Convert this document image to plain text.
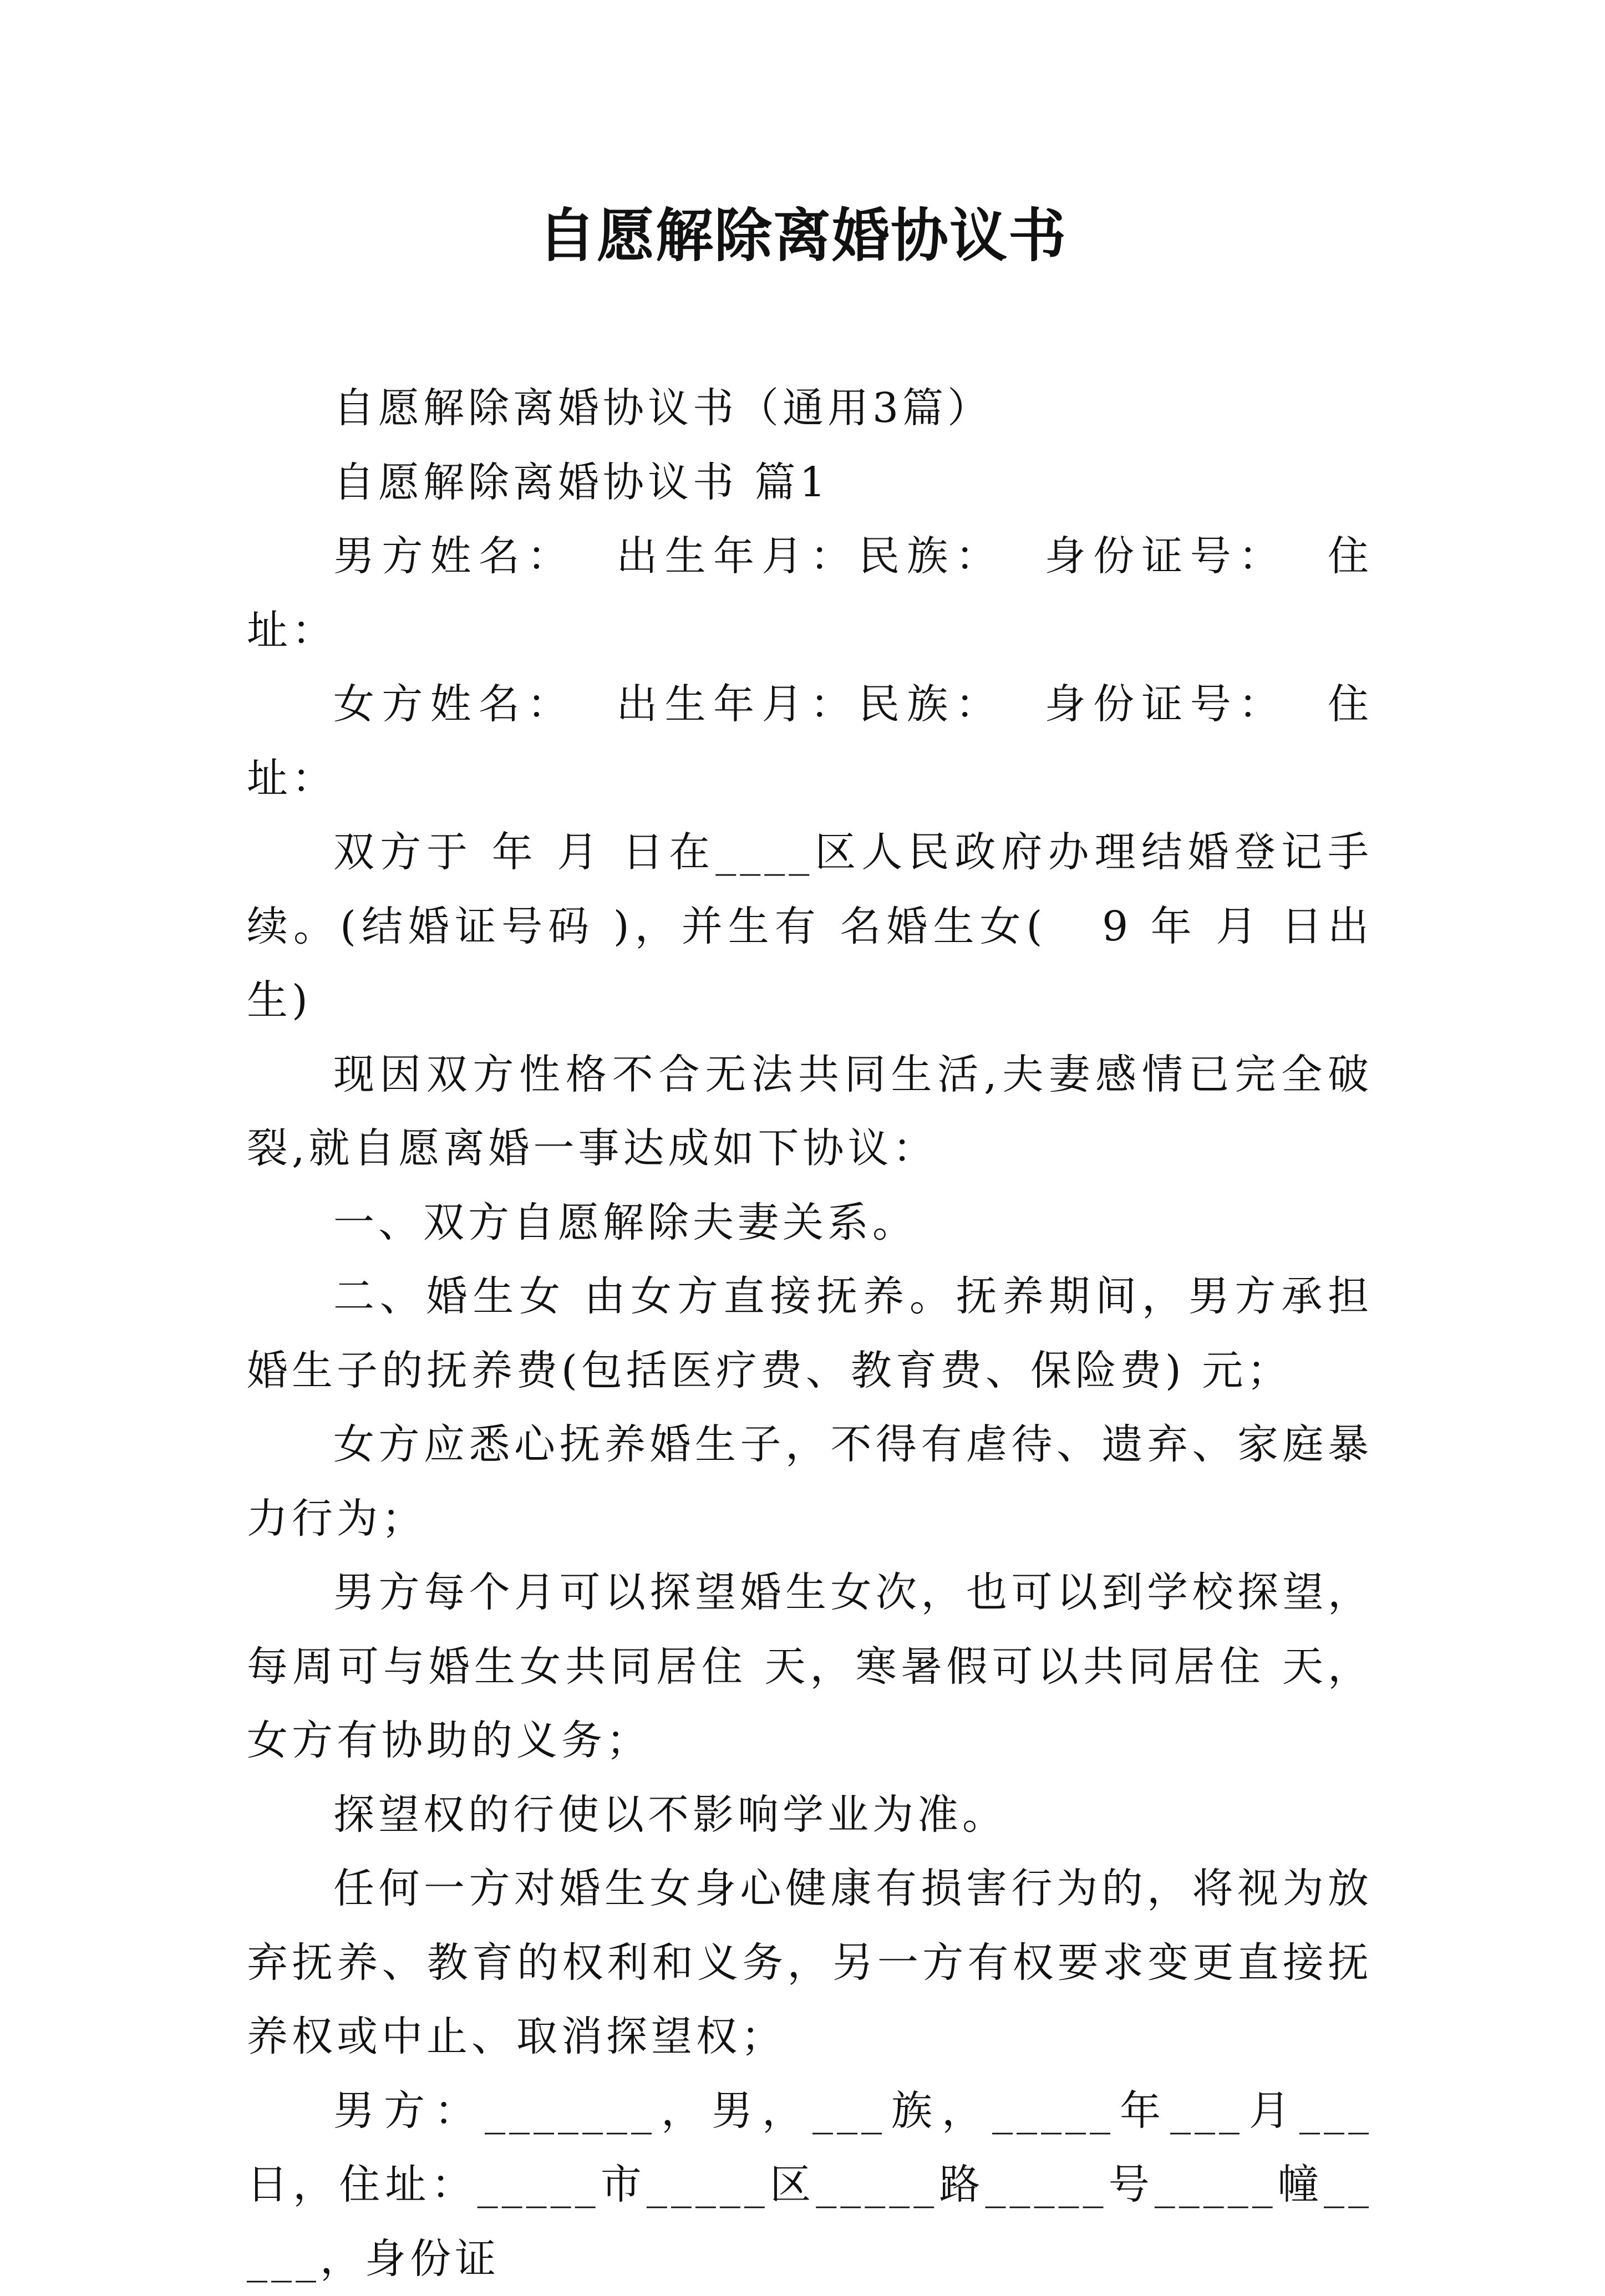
自愿解除离婚协议书

自愿解除离婚协议书（通用3篇）

自愿解除离婚协议书 篇1

男方姓名：  出生年月：民族：  身份证号：  住址：

女方姓名：  出生年月：民族：  身份证号：  住址：

双方于 年 月 日在____区人民政府办理结婚登记手续。(结婚证号码 )，并生有 名婚生女(   9 年 月 日出生)

现因双方性格不合无法共同生活,夫妻感情已完全破裂,就自愿离婚一事达成如下协议：

一、双方自愿解除夫妻关系。

二、婚生女 由女方直接抚养。抚养期间，男方承担婚生子的抚养费(包括医疗费、教育费、保险费) 元；

女方应悉心抚养婚生子，不得有虐待、遗弃、家庭暴力行为；

男方每个月可以探望婚生女次，也可以到学校探望，每周可与婚生女共同居住 天，寒暑假可以共同居住 天，女方有协助的义务；

探望权的行使以不影响学业为准。

任何一方对婚生女身心健康有损害行为的，将视为放弃抚养、教育的权利和义务，另一方有权要求变更直接抚养权或中止、取消探望权；

男方：_______，男，___族，_____年___月___日，住址：_____市_____区_____路_____号_____幢_____，身份证
